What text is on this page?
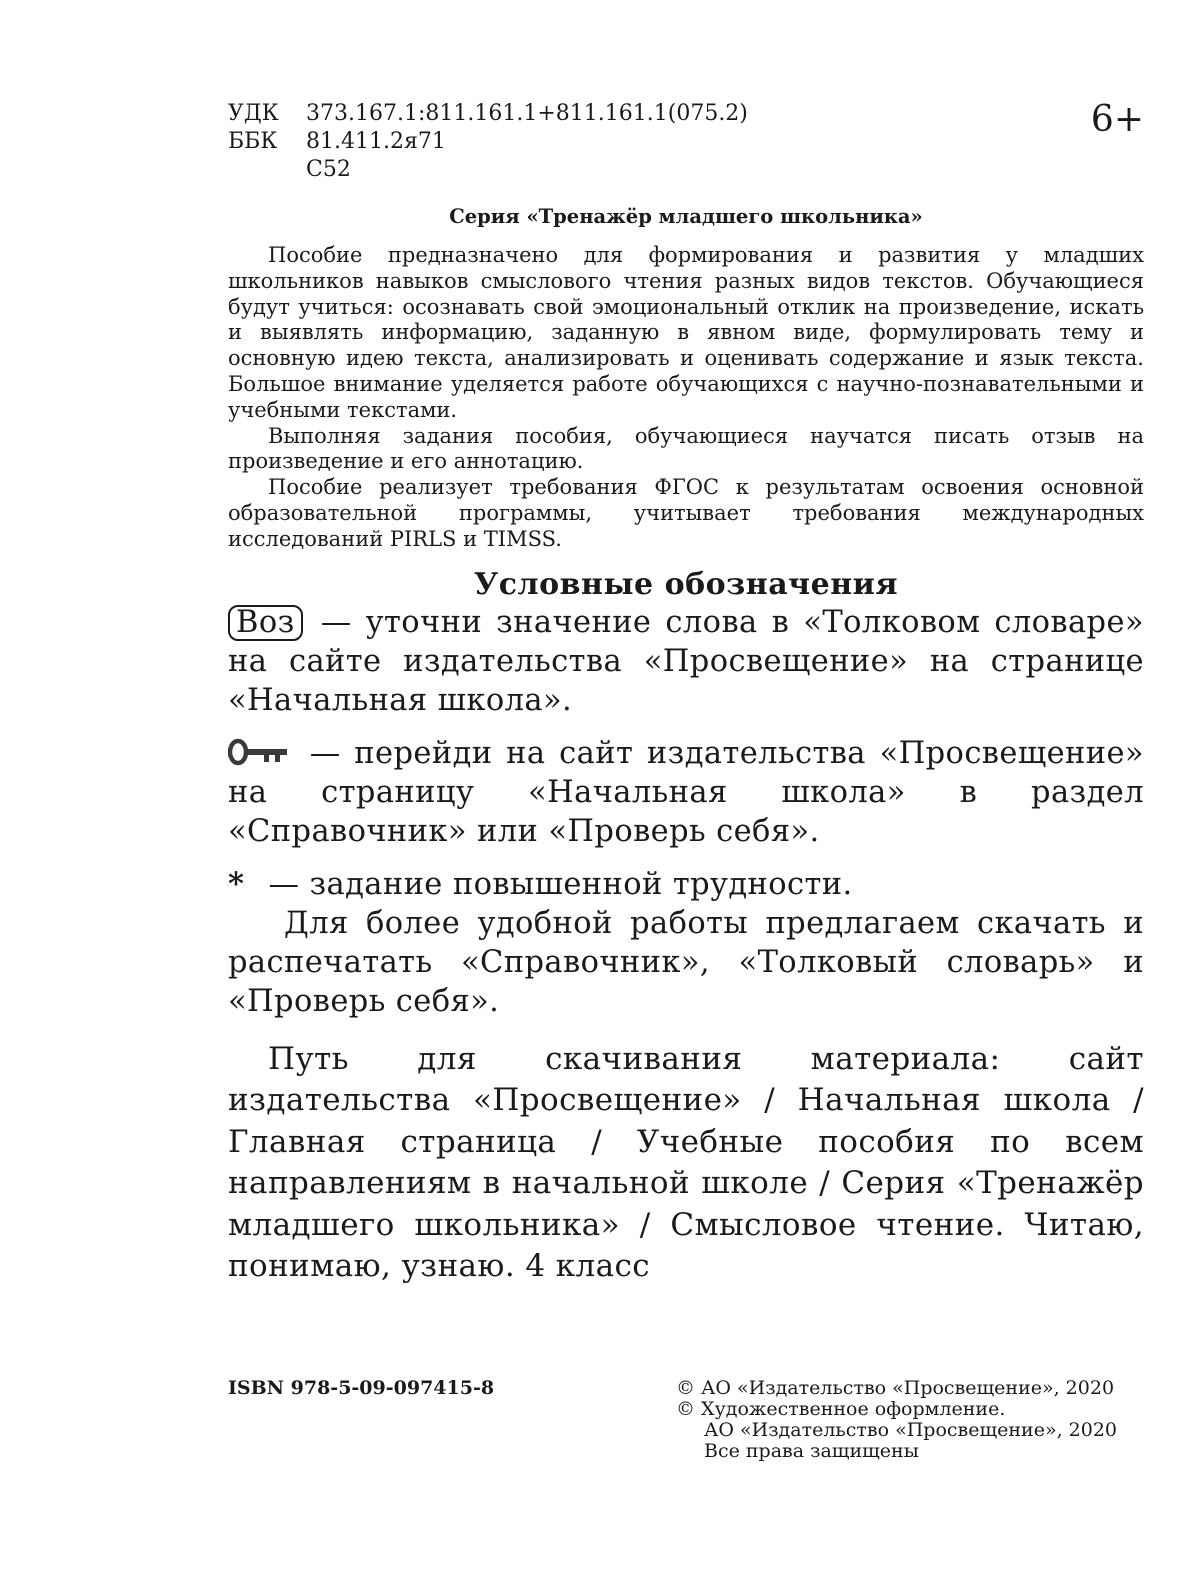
УДК	373.167.1:811.161.1+811.161.1(075.2)
ББК	81.411.2я71
С52
6+
Серия «Тренажёр младшего школьника»

Пособие предназначено для формирования и развития у младших школьников навыков смыслового чтения разных видов текстов. Обучающиеся будут учиться: осознавать свой эмоциональный отклик на произведение, искать и выявлять информацию, заданную в явном виде, формулировать тему и основную идею текста, анализировать и оценивать содержание и язык текста. Большое внимание уделяется работе обучающихся с научно-познавательными и учебными текстами.

Выполняя задания пособия, обучающиеся научатся писать отзыв на произведение и его аннотацию.

Пособие реализует требования ФГОС к результатам освоения основной образовательной программы, учитывает требования международных исследований PIRLS и TIMSS.

Условные обозначения

Воз — уточни значение слова в «Толковом словаре» на сайте издательства «Просвещение» на странице «Начальная школа».

— перейди на сайт издательства «Просвещение» на страницу «Начальная школа» в раздел «Справочник» или «Проверь себя».

* — задание повышенной трудности.

Для более удобной работы предлагаем скачать и распечатать «Справочник», «Толковый словарь» и «Проверь себя».

Путь для скачивания материала: сайт издательства «Просвещение» / Начальная школа / Главная страница / Учебные пособия по всем направлениям в начальной школе / Серия «Тренажёр младшего школьника» / Смысловое чтение. Читаю, понимаю, узнаю. 4 класс
ISBN 978-5-09-097415-8	© АО «Издательство «Просвещение», 2020
© Художественное оформление.
АО «Издательство «Просвещение», 2020
Все права защищены
